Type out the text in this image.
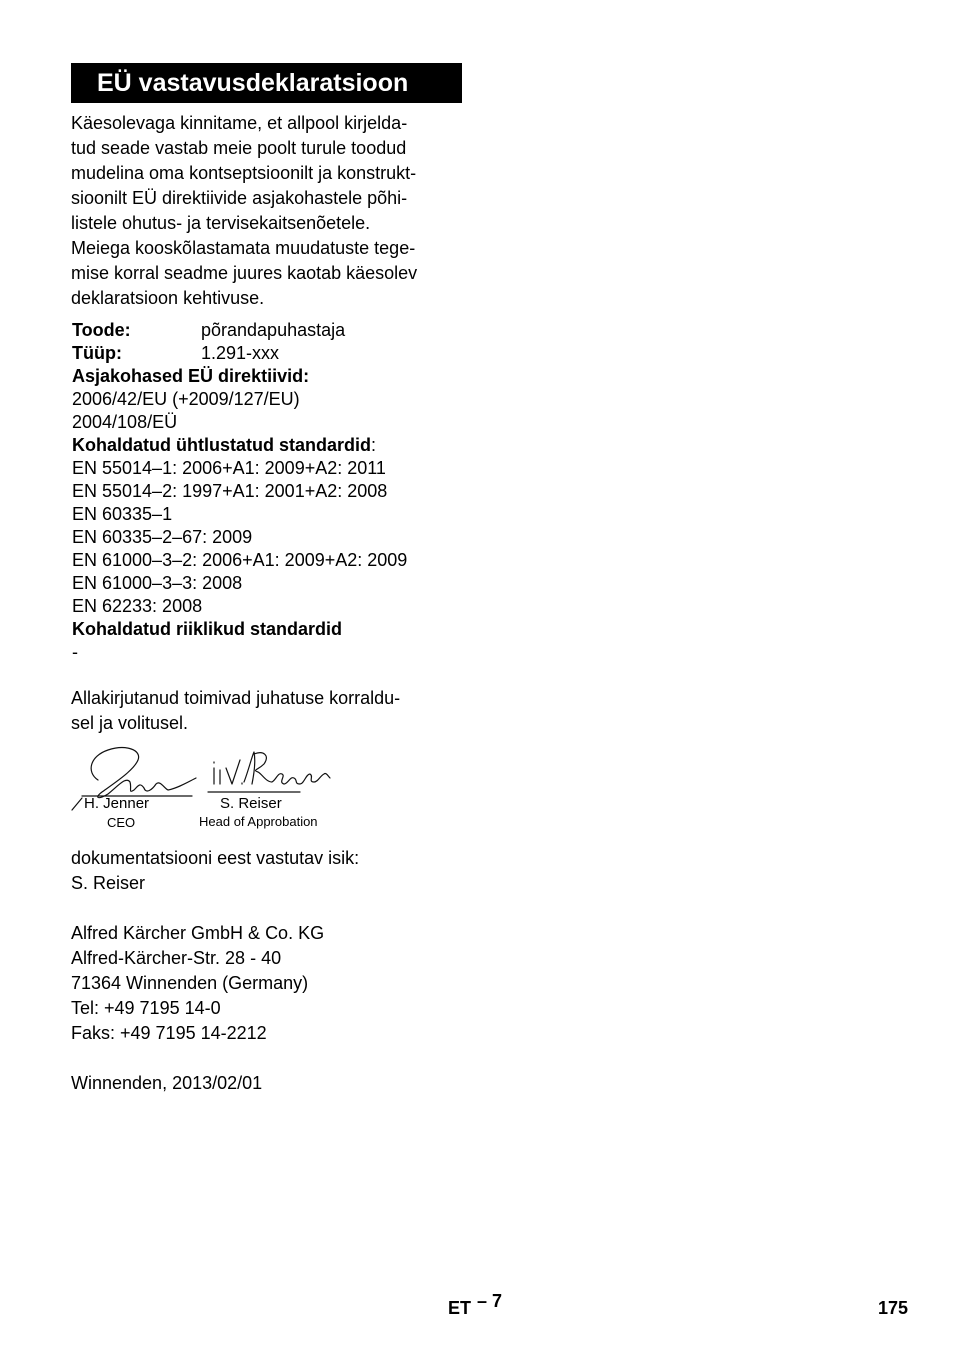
EÜ vastavusdeklaratsioon
Käesolevaga kinnitame, et allpool kirjelda-
tud seade vastab meie poolt turule toodud
mudelina oma kontseptsioonilt ja konstrukt-
sioonilt EÜ direktiivide asjakohastele põhi-
listele ohutus- ja tervisekaitsenõetele.
Meiega kooskõlastamata muudatuste tege-
mise korral seadme juures kaotab käesolev
deklaratsioon kehtivuse.
Toode:	põrandapuhastaja
Tüüp:	1.291-xxx
Asjakohased EÜ direktiivid:
2006/42/EU (+2009/127/EU)
2004/108/EÜ
Kohaldatud ühtlustatud standardid:
EN 55014–1: 2006+A1: 2009+A2: 2011
EN 55014–2: 1997+A1: 2001+A2: 2008
EN 60335–1
EN 60335–2–67: 2009
EN 61000–3–2: 2006+A1: 2009+A2: 2009
EN 61000–3–3: 2008
EN 62233: 2008
Kohaldatud riiklikud standardid
-
Allakirjutanud toimivad juhatuse korraldu-
sel ja volitusel.
H. Jenner
CEO
S. Reiser
Head of Approbation
dokumentatsiooni eest vastutav isik:
S. Reiser
Alfred Kärcher GmbH & Co. KG
Alfred-Kärcher-Str. 28 - 40
71364 Winnenden (Germany)
Tel: +49 7195 14-0
Faks: +49 7195 14-2212
Winnenden, 2013/02/01
ET – 7	175
